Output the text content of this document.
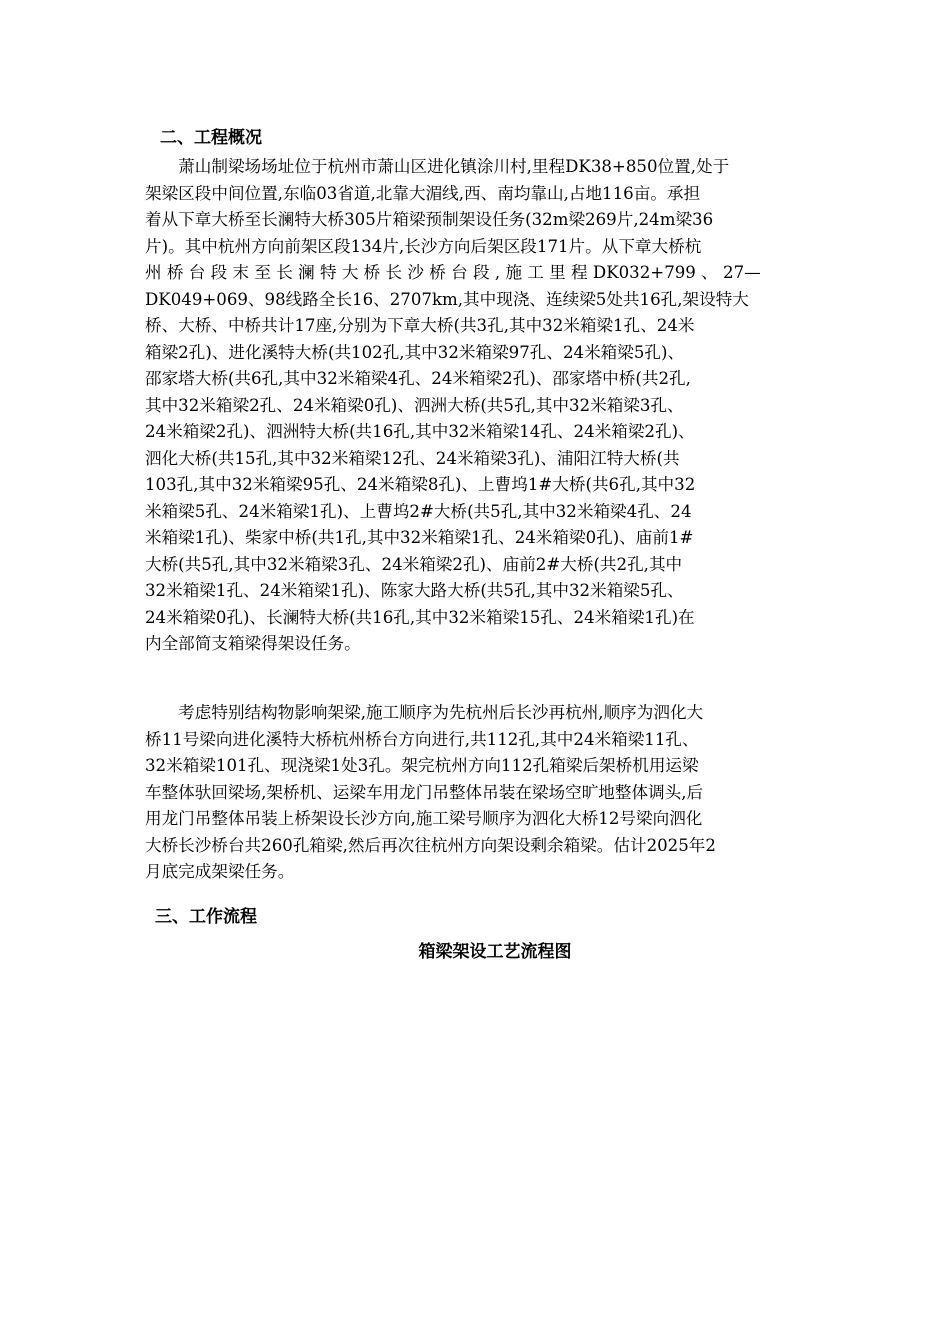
二、工程概况
　　萧山制梁场场址位于杭州市萧山区进化镇涂川村,里程DK38+850位置,处于
架梁区段中间位置,东临03省道,北靠大湄线,西、南均靠山,占地116亩。承担
着从下章大桥至长澜特大桥305片箱梁预制架设任务(32m梁269片,24m梁36
片)。其中杭州方向前架区段134片,长沙方向后架区段171片。从下章大桥杭
州 桥 台 段 末 至 长 澜 特 大 桥 长 沙 桥 台 段 , 施 工 里 程 DK032+799 、 27—
DK049+069、98线路全长16、2707km,其中现浇、连续梁5处共16孔,架设特大
桥、大桥、中桥共计17座,分别为下章大桥(共3孔,其中32米箱梁1孔、24米
箱梁2孔)、进化溪特大桥(共102孔,其中32米箱梁97孔、24米箱梁5孔)、
邵家塔大桥(共6孔,其中32米箱梁4孔、24米箱梁2孔)、邵家塔中桥(共2孔,
其中32米箱梁2孔、24米箱梁0孔)、泗洲大桥(共5孔,其中32米箱梁3孔、
24米箱梁2孔)、泗洲特大桥(共16孔,其中32米箱梁14孔、24米箱梁2孔)、
泗化大桥(共15孔,其中32米箱梁12孔、24米箱梁3孔)、浦阳江特大桥(共
103孔,其中32米箱梁95孔、24米箱梁8孔)、上曹坞1#大桥(共6孔,其中32
米箱梁5孔、24米箱梁1孔)、上曹坞2#大桥(共5孔,其中32米箱梁4孔、24
米箱梁1孔)、柴家中桥(共1孔,其中32米箱梁1孔、24米箱梁0孔)、庙前1#
大桥(共5孔,其中32米箱梁3孔、24米箱梁2孔)、庙前2#大桥(共2孔,其中
32米箱梁1孔、24米箱梁1孔)、陈家大路大桥(共5孔,其中32米箱梁5孔、
24米箱梁0孔)、长澜特大桥(共16孔,其中32米箱梁15孔、24米箱梁1孔)在
内全部简支箱梁得架设任务。
　　考虑特别结构物影响架梁,施工顺序为先杭州后长沙再杭州,顺序为泗化大
桥11号梁向进化溪特大桥杭州桥台方向进行,共112孔,其中24米箱梁11孔、
32米箱梁101孔、现浇梁1处3孔。架完杭州方向112孔箱梁后架桥机用运梁
车整体驮回梁场,架桥机、运梁车用龙门吊整体吊装在梁场空旷地整体调头,后
用龙门吊整体吊装上桥架设长沙方向,施工梁号顺序为泗化大桥12号梁向泗化
大桥长沙桥台共260孔箱梁,然后再次往杭州方向架设剩余箱梁。估计2025年2
月底完成架梁任务。
三、工作流程
箱梁架设工艺流程图
